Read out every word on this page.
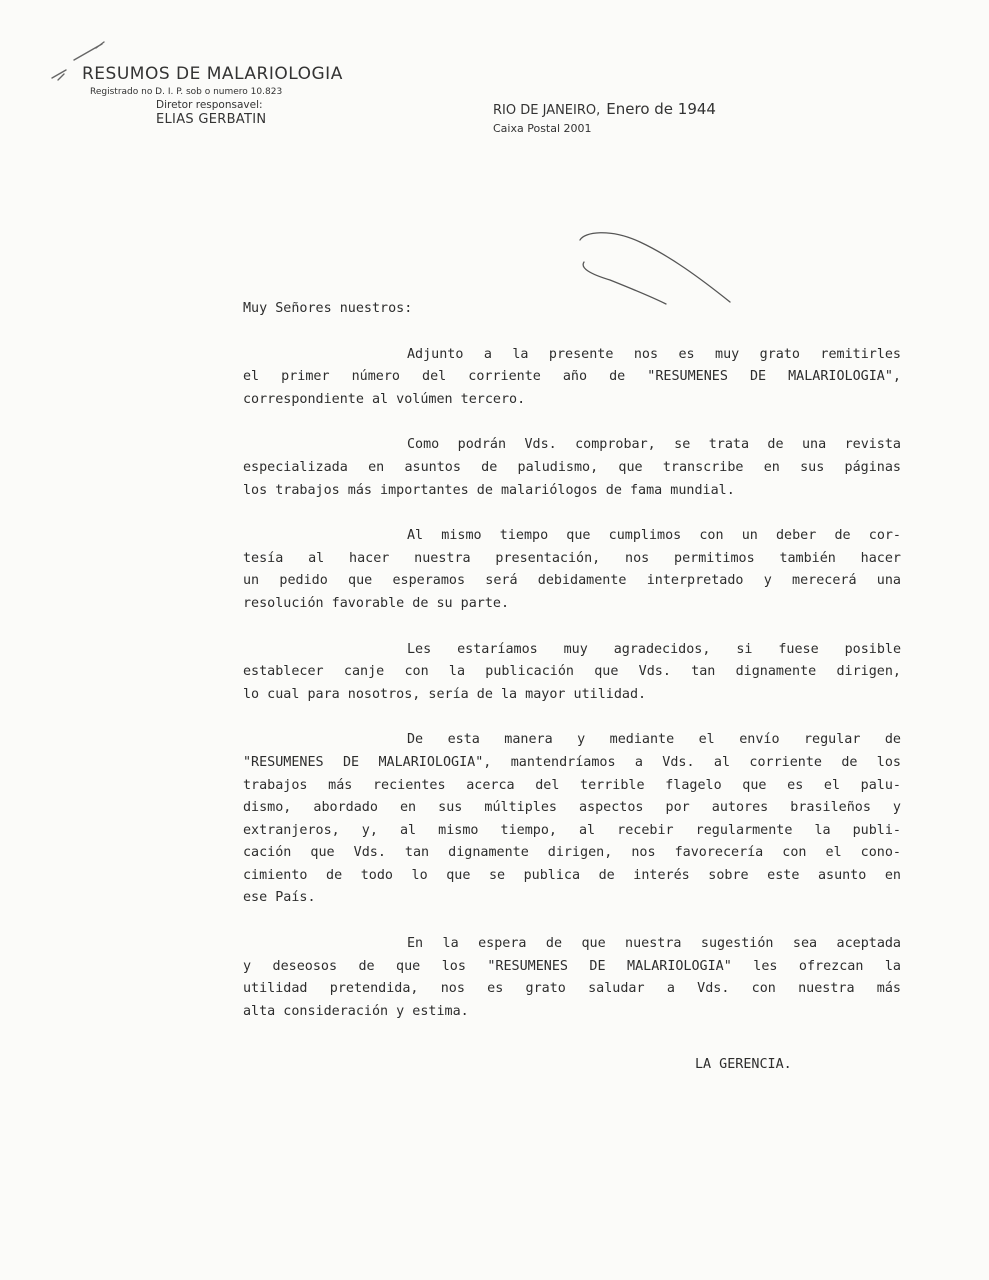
RESUMOS DE MALARIOLOGIA
Registrado no D. I. P. sob o numero 10.823
Diretor responsavel:
ELIAS GERBATIN
RIO DE JANEIRO, Enero de 1944
Caixa Postal 2001
Muy Señores nuestros:
Adjunto a la presente nos es muy grato remitirles
el primer número del corriente año de "RESUMENES DE MALARIOLOGIA",
correspondiente al volúmen tercero.
Como podrán Vds. comprobar, se trata de una revista
especializada en asuntos de paludismo, que transcribe en sus páginas
los trabajos más importantes de malariólogos de fama mundial.
Al mismo tiempo que cumplimos con un deber de cor-
tesía al hacer nuestra presentación, nos permitimos también hacer
un pedido que esperamos será debidamente interpretado y merecerá una
resolución favorable de su parte.
Les estaríamos muy agradecidos, si fuese posible
establecer canje con la publicación que Vds. tan dignamente dirigen,
lo cual para nosotros, sería de la mayor utilidad.
De esta manera y mediante el envío regular de
"RESUMENES DE MALARIOLOGIA", mantendríamos a Vds. al corriente de los
trabajos más recientes acerca del terrible flagelo que es el palu-
dismo, abordado en sus múltiples aspectos por autores brasileños y
extranjeros, y, al mismo tiempo, al recebir regularmente la publi-
cación que Vds. tan dignamente dirigen, nos favorecería con el cono-
cimiento de todo lo que se publica de interés sobre este asunto en
ese País.
En la espera de que nuestra sugestión sea aceptada
y deseosos de que los "RESUMENES DE MALARIOLOGIA" les ofrezcan la
utilidad pretendida, nos es grato saludar a Vds. con nuestra más
alta consideración y estima.
LA GERENCIA.
